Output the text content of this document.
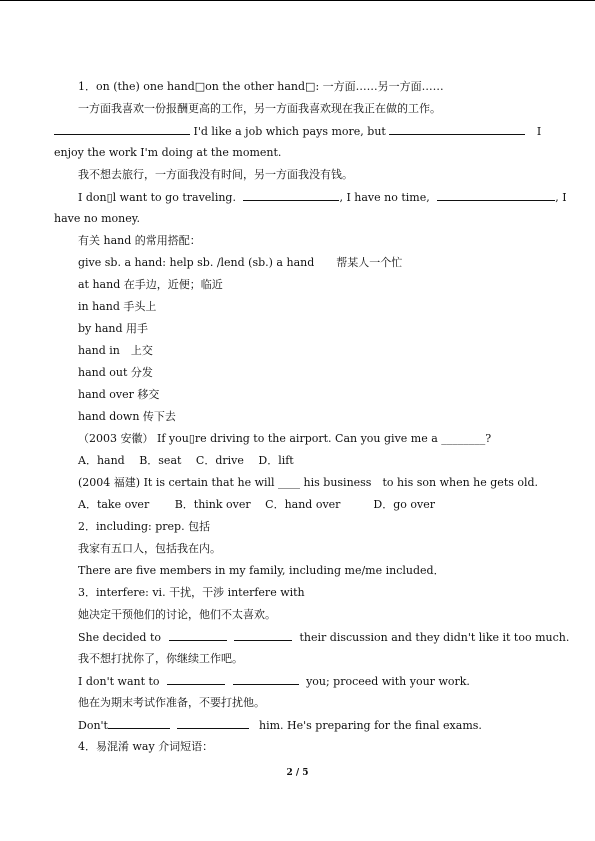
1．on (the) one hand□on the other hand□: 一方面……另一方面……
一方面我喜欢一份报酬更高的工作，另一方面我喜欢现在我正在做的工作。
I'd like a job which pays more, but	I
enjoy the work I'm doing at the moment.
我不想去旅行，一方面我没有时间，另一方面我没有钱。
I don▯l want to go traveling.	, I have no time,	, I
have no money.
有关 hand 的常用搭配：
give sb. a hand: help sb. /lend (sb.) a hand　　帮某人一个忙
at hand 在手边，近便；临近
in hand 手头上
by hand 用手
hand in　上交
hand out 分发
hand over 移交
hand down 传下去
（2003 安徽） If you▯re driving to the airport. Can you give me a ________?
A．hand　 B．seat　 C．drive　 D．lift
(2004 福建) It is certain that he will ____ his business　to his son when he gets old.
A．take over　　 B．think over　 C．hand over　　　D．go over
2．including: prep. 包括
我家有五口人，包括我在内。
There are five members in my family, including me/me included．
3．interfere: vi. 干扰，干涉 interfere with
她决定干预他们的讨论，他们不太喜欢。
She decided to	their discussion and they didn't like it too much.
我不想打扰你了，你继续工作吧。
I don't want to	you; proceed with your work.
他在为期末考试作准备，不要打扰他。
Don't	him. He's preparing for the final exams.
4．易混淆 way 介词短语：
2 / 5
